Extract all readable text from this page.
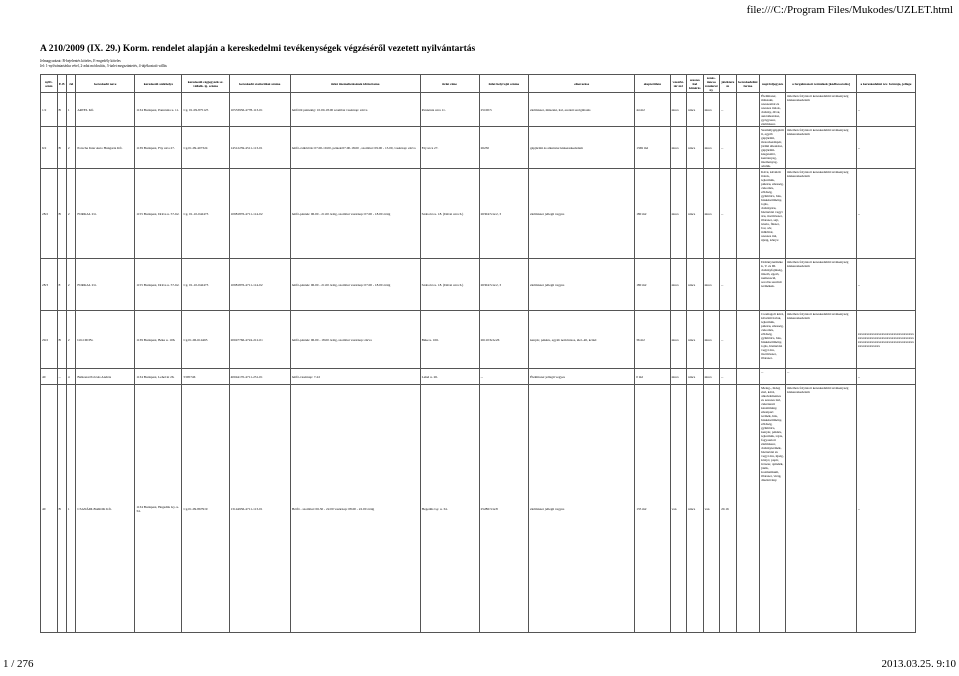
file:///C:/Program Files/Mukodes/UZLET.html
A 210/2009 (IX. 29.) Korm. rendelet alapján a kereskedelmi tevékenységek végzéséről vezetett nyilvántartás
Jelmagyarázat: B-bejelentés köteles, E-engedély köteles
Jel: 1-nyilvántartásba vétel, 2-adat módosítás, 3-üzlet megszüntetés, 4-tájékoztató vállás
nyilv. szám	E-B	Jel	kereskedő neve	kereskedő székhelye	kereskedő cégjegyzék sz. vállalk. ig. száma	kereskedő statisztikai száma	üzlet üzemeltetésének időtartama	üzlet címe	üzlet helyrajzi száma	elnevezése	alapterülete	vásárló-tér m2	szeszes ital kimérés	zenés-táncos rendezvény	játékterem	kereskedelmi forma	napi feljegyzés	a forgalmazott termékek [kódbesorolás]	a kereskedelmi tev. formája, jellege
1/2	B	1	ARTEL Kft.	1134 Budapest, Pannónia u. 11.	Cg. 01-09-875125	10533936-4778-113-01	hétfőtől péntekig: 10.00-18.00 szombat vasárnap: zárva	Pannónia utca 11.	25100/5	élelmiszer, műszaki, ital, eredeti szolgáltatás	44 m2	nincs	nincs	nincs	--		Élelmiszer, műszaki, szeszesital és szeszes italok, dohány, divat, autóalkatrész, gyógyszer, élelmiszer.	üzletben folytatott kereskedelmi tevékenység kiskereskedelem	--
6/2	B	2	Porsche Inter Auto Hungaria Kft.	1139 Budapest, Fáy utca 27.	Cg.01-09-407324	14512239-4511-113-01	hétfő-csütörtök: 07.00-19.00, péntek:07.00-18.00 , szombat: 09.00 - 13.00, vasárnap: zárva	Fáy utca 27.	26230	gépjármű és alkatrész kiskereskedelem	1369 m2	nincs	nincs	nincs	--		Személygépjármű, egyéb gépjármű, motorkerékpár, jármű alkatrész, gépjármű-kiegészítő, kenőanyag, üzemanyag-adalék.	üzletben folytatott kereskedelmi tevékenység kiskereskedelem	--
28/2	B	2	FORKAL Zrt.	1155 Budapest, Dráva u. 57-62.	Cg. 01-10-042473	10981876-4711-114-02	hétfő-péntek: 06.00 - 21.00 óráig, szombat vasárnap: 07.00 - 18.00 óráig	Szabolcs u. 18. (Dévai utca 6.)	26304/5/A/2, 3	élelmiszer jellegű vegyes	180 m2	nincs	nincs	nincs	--		Kávé, kávéízű italok, tejtermék, pékáru, édesség, cukoráru, zöldség, gyümölcs, hús, húskészítmény, tojás, dohányáru, háztartási vegyi áru, tisztítószer, illatszer, sajt, tészta, fűszer, bor, sör, üdítőital, szeszes ital, újság, könyv.	üzletben folytatott kereskedelmi tevékenység kiskereskedelem	--
28/3	E	2	FORKAL Zrt.	1155 Budapest, Dráva u. 57-62.	Cg. 01-10-042473	10981876-4711-114-02	hétfő-péntek: 06.00 - 21.00 óráig, szombat vasárnap: 07.00 - 18.00 óráig	Szabolcs u. 18. (Dévai utca 6.)	26304/5/A/2, 3	élelmiszer jellegű vegyes	180 m2	nincs	nincs	nincs	--		Dohánytermékek, V. és III. dohányfajtúság, tüzelő, égető, nemesacél, sorolás szerinti termékek.	üzletben folytatott kereskedelmi tevékenység kiskereskedelem	--
29/2	B	2	LILCID Bt.	1139 Budapest, Béke u. 106.	Cg.01-06-614465	20047766-4724-212-01	hétfő-péntek: 06.00 - 18.00 óráig, szombat vasárnap: zárva	Béke u. 106.	26110/6/A/26	kenyér, pékáru, egyéb nem húsos, élel.-áll, kcikd	36 m2	nincs	nincs	nincs	--		Csomagolt kávé, kávéízű italok, tejtermék, pékáru, édesség, cukoráru, zöldség, gyümölcs, hús, húskészítmény, tojás, háztartási vegyi áru, tisztítószer, illatszer.	üzletben folytatott kereskedelmi tevékenység kiskereskedelem	xxxxxxxxxxxxxxxxxxxxxxxxxxxxxxxxxxxxxxxxxxxxxxxxxxxxxxxxxxxxxxxxxxxxxxxxxxxxxxxxxxxxxxxxxxxxxxxxxxxxxxxxxxxxxxxx
40	--	4	Balkonai Polcsás András	1134 Budapest, Lehel út 26.	5395746	40044170-4711-231-01	hétfő-vasárnap: 7-22	Lehel u. 26.	--	Élelmiszer jellegű vegyes	0 m2	nincs	nincs	nincs	--		--	--	--
40	B	1	CSANÁDI-BAROK Kft.	1134 Budapest, Hegedűs Gy. u. 34.	Cg.01-09-867919	13144936-4711-113-01	Hétfő - szombat: 06.30 - 22.00 vasárnap: 08.00 - 22.00 óráig	Hegedűs Gy. u. 34.	25286/3/A/8	élelmiszer jellegű vegyes	135 m2	van	nincs	van	20.16		Meleg-, hideg étel, kávé, alkoholmentes és szeszes ital, cukrászati készítmény, édesipari termék, hús, húskészítmény, zöldség, gyümölcs, kenyér, pékáru, tejtermék, tojás, fagyasztott élelmiszer, dohánytermék, háztartási és vegyi áru, újság, könyv, papír, írószer, ajándék, játék, kozmetikum, illatszer, virág, dísznövény.	üzletben folytatott kereskedelmi tevékenység kiskereskedelem	--
1 / 276	2013.03.25. 9:10
